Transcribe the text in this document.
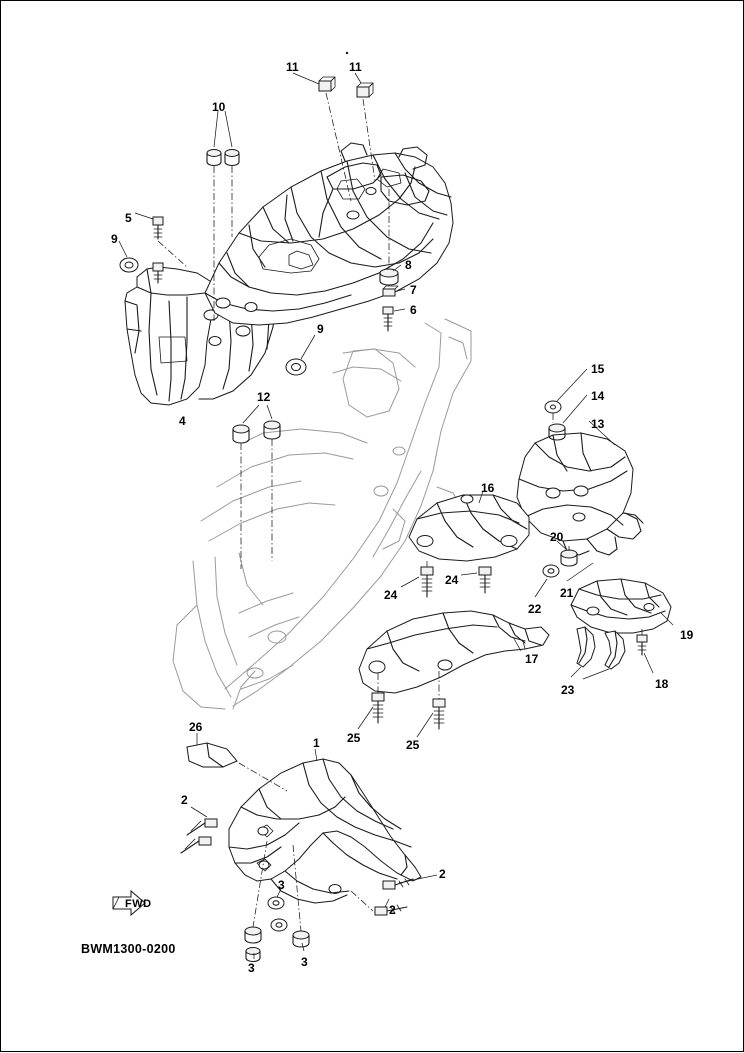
11	11
10
5
9
8
7
6
9
4
12
15
14
13
16
20
21
22
19
18
23
24
24
17
25	25
26
1
2
2
2
3
3	3
FWD
BWM1300-0200
